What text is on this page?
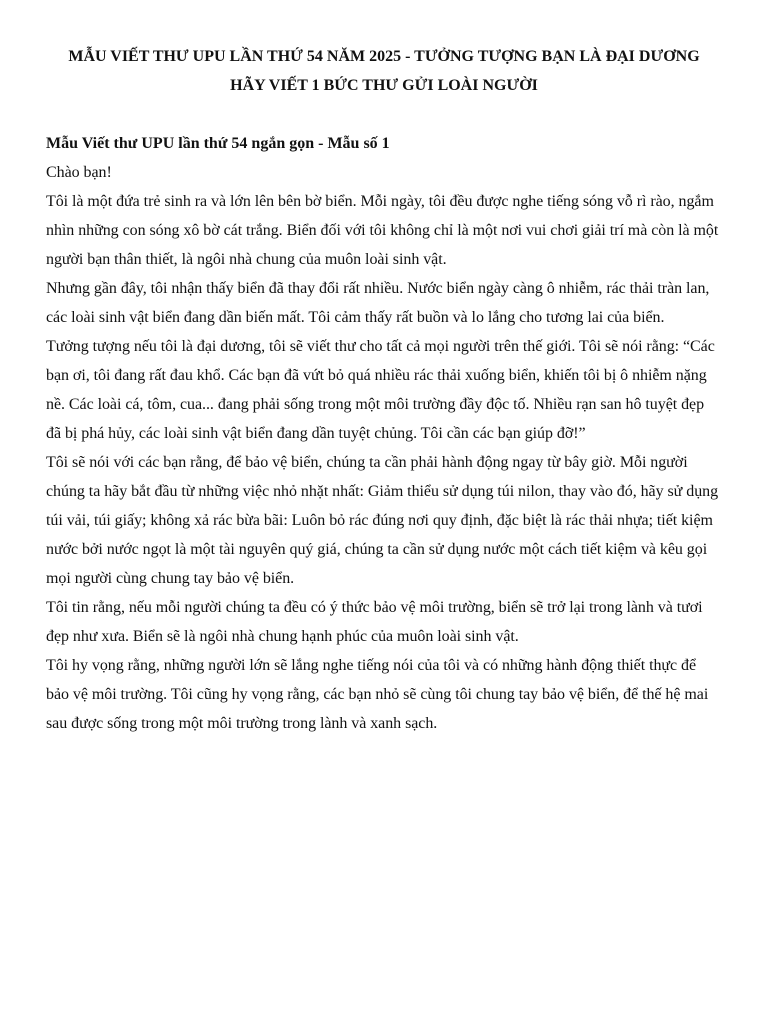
MẪU VIẾT THƯ UPU LẦN THỨ 54 NĂM 2025 - TƯỞNG TƯỢNG BẠN LÀ ĐẠI DƯƠNG
HÃY VIẾT 1 BỨC THƯ GỬI LOÀI NGƯỜI
Mẫu Viết thư UPU lần thứ 54 ngắn gọn - Mẫu số 1

Chào bạn!

Tôi là một đứa trẻ sinh ra và lớn lên bên bờ biển. Mỗi ngày, tôi đều được nghe tiếng sóng vỗ rì rào, ngắm nhìn những con sóng xô bờ cát trắng. Biển đối với tôi không chỉ là một nơi vui chơi giải trí mà còn là một người bạn thân thiết, là ngôi nhà chung của muôn loài sinh vật.

Nhưng gần đây, tôi nhận thấy biển đã thay đổi rất nhiều. Nước biển ngày càng ô nhiễm, rác thải tràn lan, các loài sinh vật biển đang dần biến mất. Tôi cảm thấy rất buồn và lo lắng cho tương lai của biển.

Tưởng tượng nếu tôi là đại dương, tôi sẽ viết thư cho tất cả mọi người trên thế giới. Tôi sẽ nói rằng: “Các bạn ơi, tôi đang rất đau khổ. Các bạn đã vứt bỏ quá nhiều rác thải xuống biển, khiến tôi bị ô nhiễm nặng nề. Các loài cá, tôm, cua... đang phải sống trong một môi trường đầy độc tố. Nhiều rạn san hô tuyệt đẹp đã bị phá hủy, các loài sinh vật biển đang dần tuyệt chủng. Tôi cần các bạn giúp đỡ!”

Tôi sẽ nói với các bạn rằng, để bảo vệ biển, chúng ta cần phải hành động ngay từ bây giờ. Mỗi người chúng ta hãy bắt đầu từ những việc nhỏ nhặt nhất: Giảm thiểu sử dụng túi nilon, thay vào đó, hãy sử dụng túi vải, túi giấy; không xả rác bừa bãi: Luôn bỏ rác đúng nơi quy định, đặc biệt là rác thải nhựa; tiết kiệm nước bởi nước ngọt là một tài nguyên quý giá, chúng ta cần sử dụng nước một cách tiết kiệm và kêu gọi mọi người cùng chung tay bảo vệ biển.

Tôi tin rằng, nếu mỗi người chúng ta đều có ý thức bảo vệ môi trường, biển sẽ trở lại trong lành và tươi đẹp như xưa. Biển sẽ là ngôi nhà chung hạnh phúc của muôn loài sinh vật.

Tôi hy vọng rằng, những người lớn sẽ lắng nghe tiếng nói của tôi và có những hành động thiết thực để bảo vệ môi trường. Tôi cũng hy vọng rằng, các bạn nhỏ sẽ cùng tôi chung tay bảo vệ biển, để thế hệ mai sau được sống trong một môi trường trong lành và xanh sạch.
